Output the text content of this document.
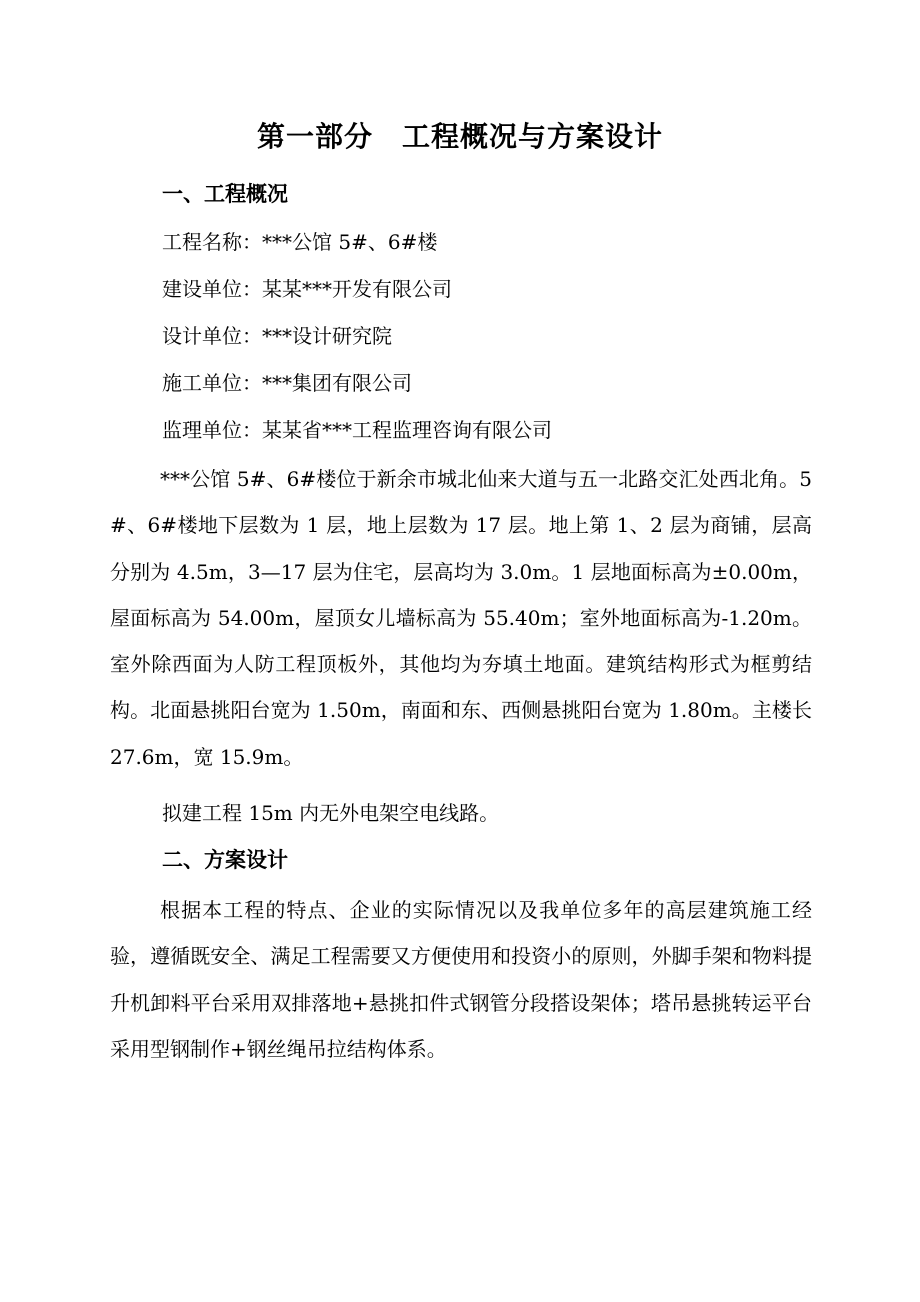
第一部分　工程概况与方案设计
一、工程概况
工程名称：***公馆 5#、6#楼
建设单位：某某***开发有限公司
设计单位：***设计研究院
施工单位：***集团有限公司
监理单位：某某省***工程监理咨询有限公司
***公馆 5#、6#楼位于新余市城北仙来大道与五一北路交汇处西北角。5#、6#楼地下层数为 1 层，地上层数为 17 层。地上第 1、2 层为商铺，层高分别为 4.5m，3—17 层为住宅，层高均为 3.0m。1 层地面标高为±0.00m，屋面标高为 54.00m，屋顶女儿墙标高为 55.40m；室外地面标高为-1.20m。室外除西面为人防工程顶板外，其他均为夯填土地面。建筑结构形式为框剪结构。北面悬挑阳台宽为 1.50m，南面和东、西侧悬挑阳台宽为 1.80m。主楼长 27.6m，宽 15.9m。
拟建工程 15m 内无外电架空电线路。
二、方案设计
根据本工程的特点、企业的实际情况以及我单位多年的高层建筑施工经验，遵循既安全、满足工程需要又方便使用和投资小的原则，外脚手架和物料提升机卸料平台采用双排落地+悬挑扣件式钢管分段搭设架体；塔吊悬挑转运平台采用型钢制作+钢丝绳吊拉结构体系。
